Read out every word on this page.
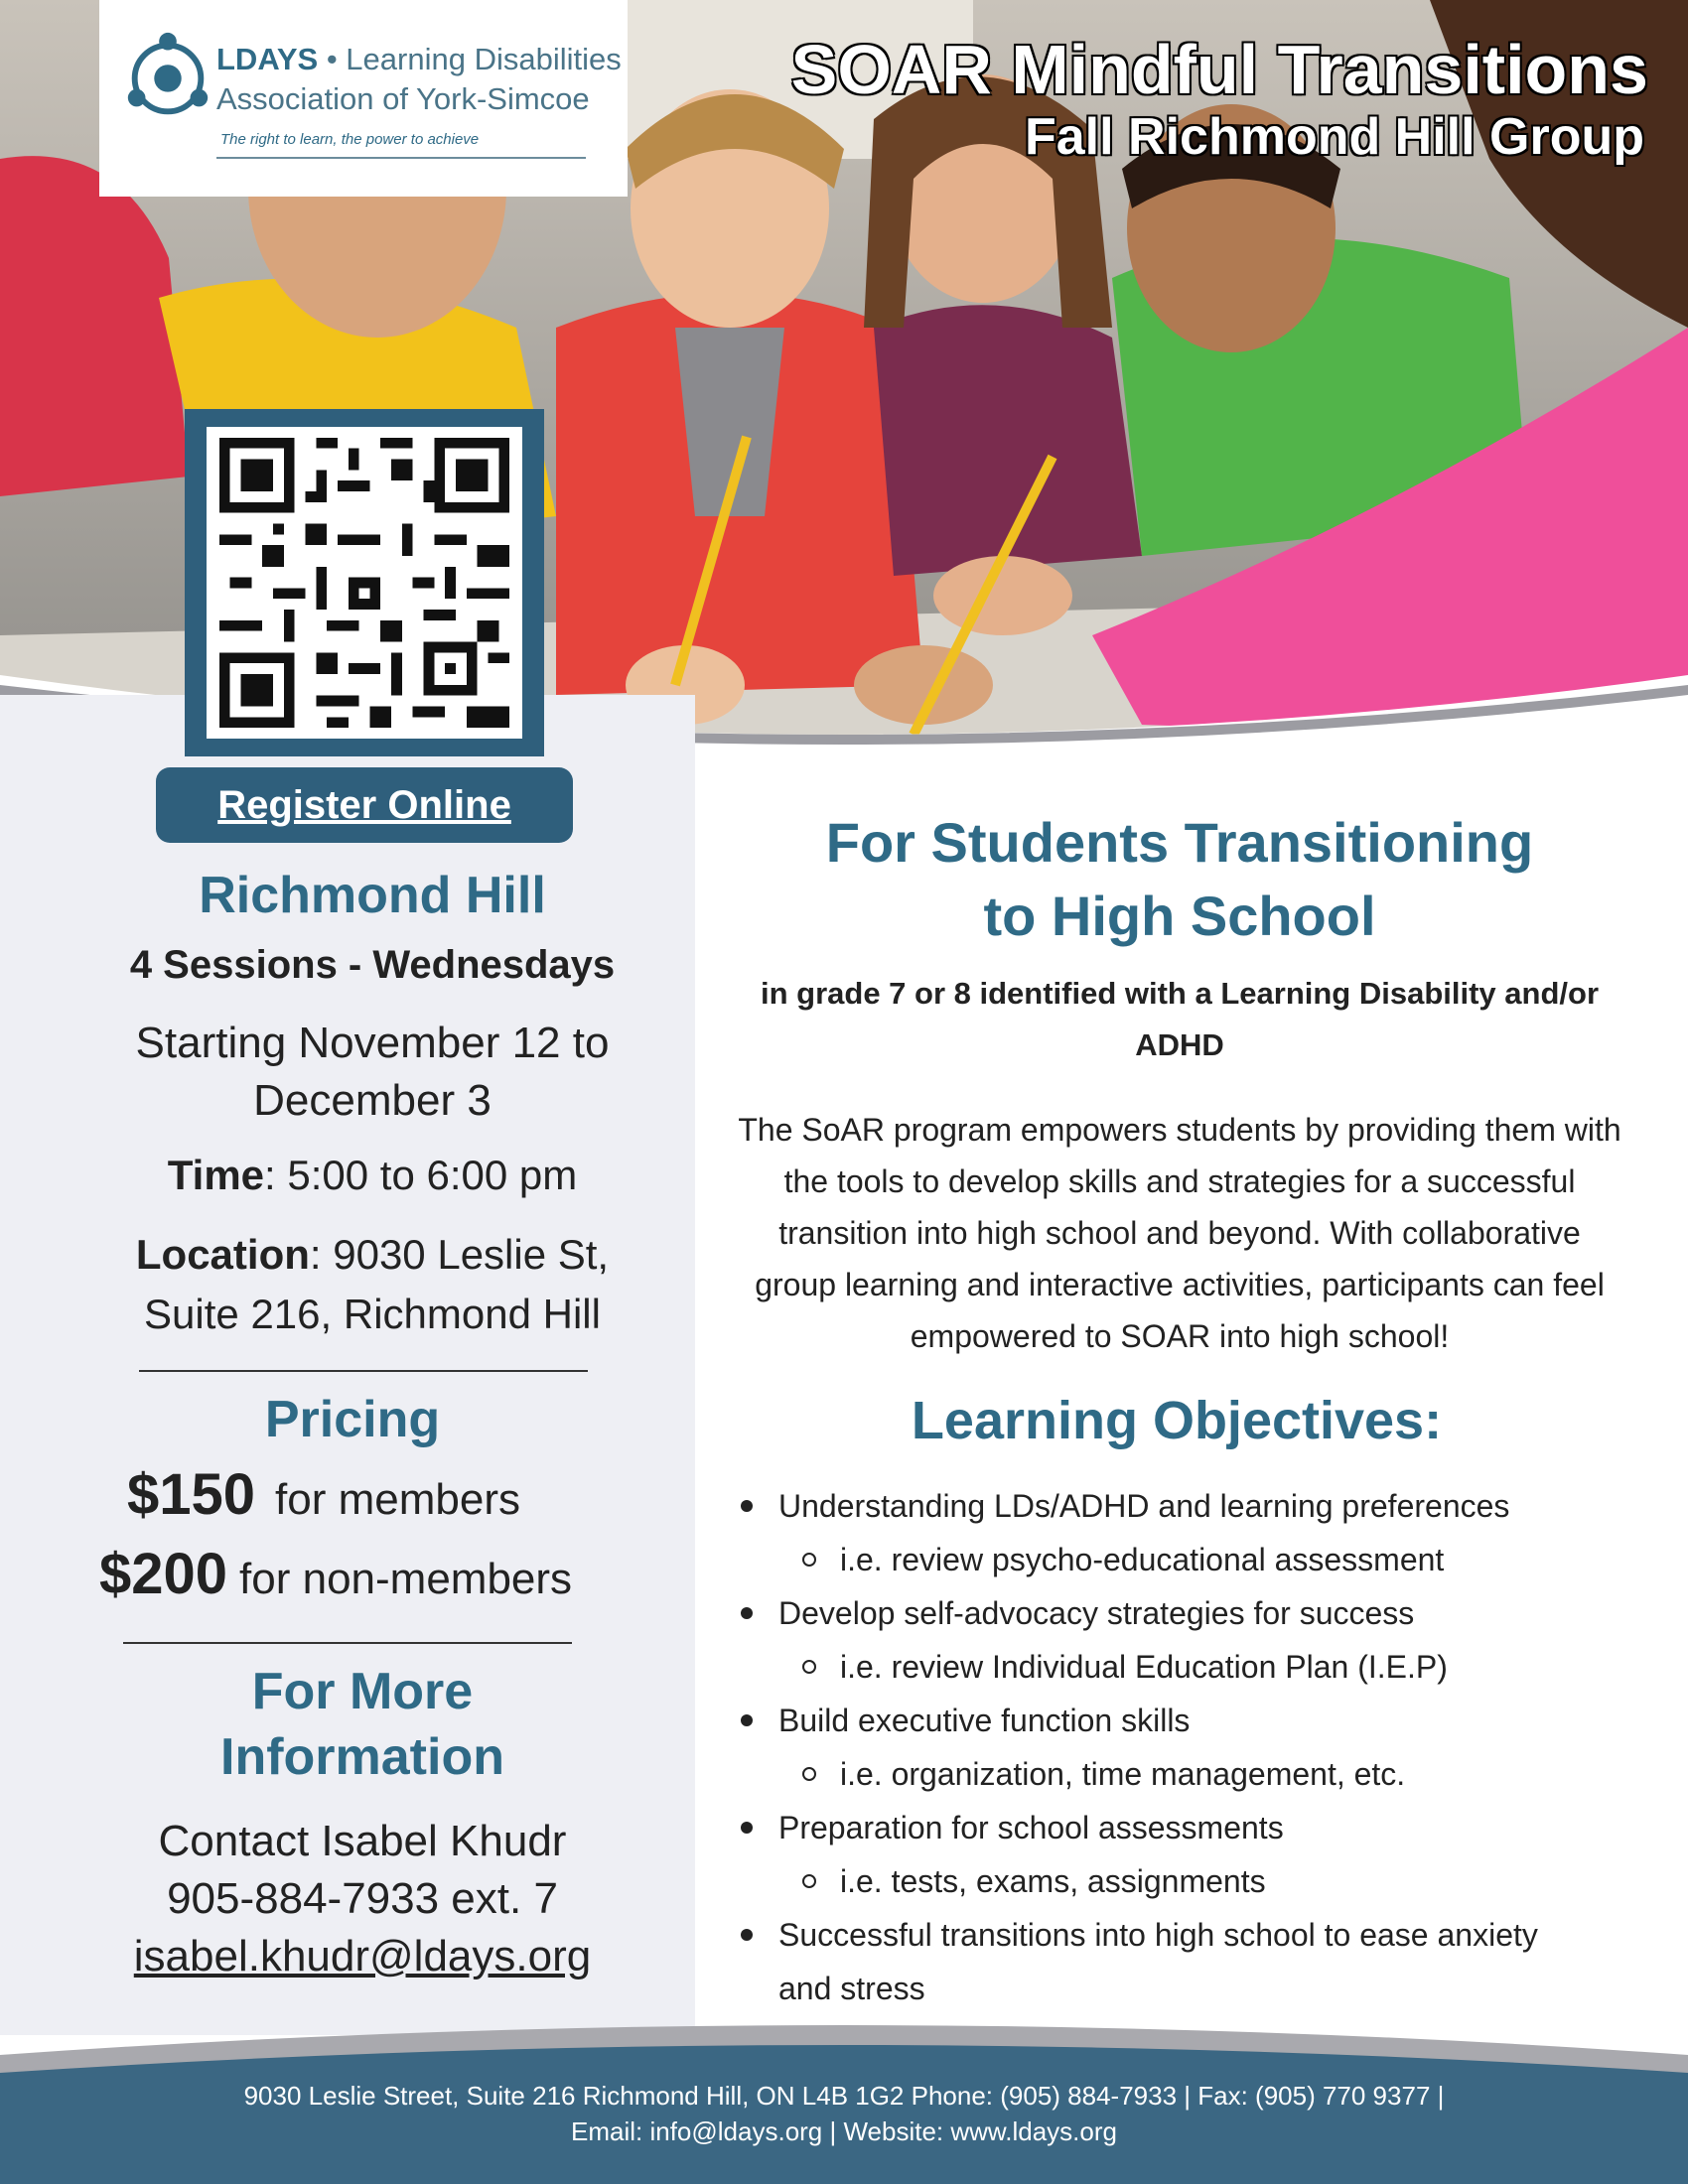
LDAYS • Learning Disabilities
Association of York-Simcoe
The right to learn, the power to achieve
SOAR Mindful Transitions
Fall Richmond Hill Group
Register Online
Richmond Hill
4 Sessions - Wednesdays
Starting November 12 to
December 3
Time: 5:00 to 6:00 pm
Location: 9030 Leslie St,
Suite 216, Richmond Hill
Pricing
$150 for members
$200 for non-members
For More
Information
Contact Isabel Khudr
905-884-7933 ext. 7
isabel.khudr@ldays.org
For Students Transitioning
to High School
in grade 7 or 8 identified with a Learning Disability and/or
ADHD
The SoAR program empowers students by providing them with
the tools to develop skills and strategies for a successful
transition into high school and beyond. With collaborative
group learning and interactive activities, participants can feel
empowered to SOAR into high school!
Learning Objectives:
Understanding LDs/ADHD and learning preferences
i.e. review psycho-educational assessment
Develop self-advocacy strategies for success
i.e. review Individual Education Plan (I.E.P)
Build executive function skills
i.e. organization, time management, etc.
Preparation for school assessments
i.e. tests, exams, assignments
Successful transitions into high school to ease anxiety
and stress
9030 Leslie Street, Suite 216 Richmond Hill, ON L4B 1G2 Phone: (905) 884-7933 | Fax: (905) 770 9377 |
Email: info@ldays.org | Website: www.ldays.org
